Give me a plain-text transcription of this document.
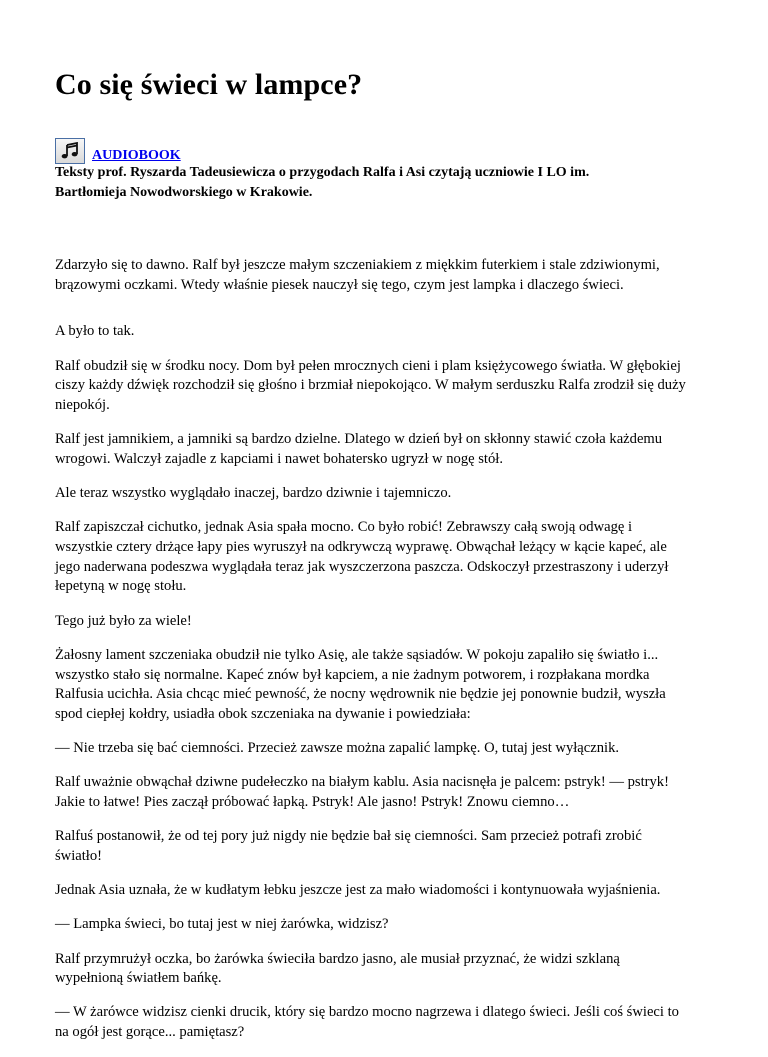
Co się świeci w lampce?
AUDIOBOOK
Teksty prof. Ryszarda Tadeusiewicza o przygodach Ralfa i Asi czytają uczniowie I LO im.
Bartłomieja Nowodworskiego w Krakowie.

Zdarzyło się to dawno. Ralf był jeszcze małym szczeniakiem z miękkim futerkiem i stale zdziwionymi,
brązowymi oczkami. Wtedy właśnie piesek nauczył się tego, czym jest lampka i dlaczego świeci.

A było to tak.

Ralf obudził się w środku nocy. Dom był pełen mrocznych cieni i plam księżycowego światła. W głębokiej
ciszy każdy dźwięk rozchodził się głośno i brzmiał niepokojąco. W małym serduszku Ralfa zrodził się duży
niepokój.

Ralf jest jamnikiem, a jamniki są bardzo dzielne. Dlatego w dzień był on skłonny stawić czoła każdemu
wrogowi. Walczył zajadle z kapciami i nawet bohatersko ugryzł w nogę stół.

Ale teraz wszystko wyglądało inaczej, bardzo dziwnie i tajemniczo.

Ralf zapiszczał cichutko, jednak Asia spała mocno. Co było robić! Zebrawszy całą swoją odwagę i
wszystkie cztery drżące łapy pies wyruszył na odkrywczą wyprawę. Obwąchał leżący w kącie kapeć, ale
jego naderwana podeszwa wyglądała teraz jak wyszczerzona paszcza. Odskoczył przestraszony i uderzył
łepetyną w nogę stołu.

Tego już było za wiele!

Żałosny lament szczeniaka obudził nie tylko Asię, ale także sąsiadów. W pokoju zapaliło się światło i...
wszystko stało się normalne. Kapeć znów był kapciem, a nie żadnym potworem, i rozpłakana mordka
Ralfusia ucichła. Asia chcąc mieć pewność, że nocny wędrownik nie będzie jej ponownie budził, wyszła
spod ciepłej kołdry, usiadła obok szczeniaka na dywanie i powiedziała:

— Nie trzeba się bać ciemności. Przecież zawsze można zapalić lampkę. O, tutaj jest wyłącznik.

Ralf uważnie obwąchał dziwne pudełeczko na białym kablu. Asia nacisnęła je palcem: pstryk! — pstryk!
Jakie to łatwe! Pies zaczął próbować łapką. Pstryk! Ale jasno! Pstryk! Znowu ciemno…

Ralfuś postanowił, że od tej pory już nigdy nie będzie bał się ciemności. Sam przecież potrafi zrobić
światło!

Jednak Asia uznała, że w kudłatym łebku jeszcze jest za mało wiadomości i kontynuowała wyjaśnienia.

— Lampka świeci, bo tutaj jest w niej żarówka, widzisz?

Ralf przymrużył oczka, bo żarówka świeciła bardzo jasno, ale musiał przyznać, że widzi szklaną
wypełnioną światłem bańkę.

— W żarówce widzisz cienki drucik, który się bardzo mocno nagrzewa i dlatego świeci. Jeśli coś świeci to
na ogół jest gorące... pamiętasz?
